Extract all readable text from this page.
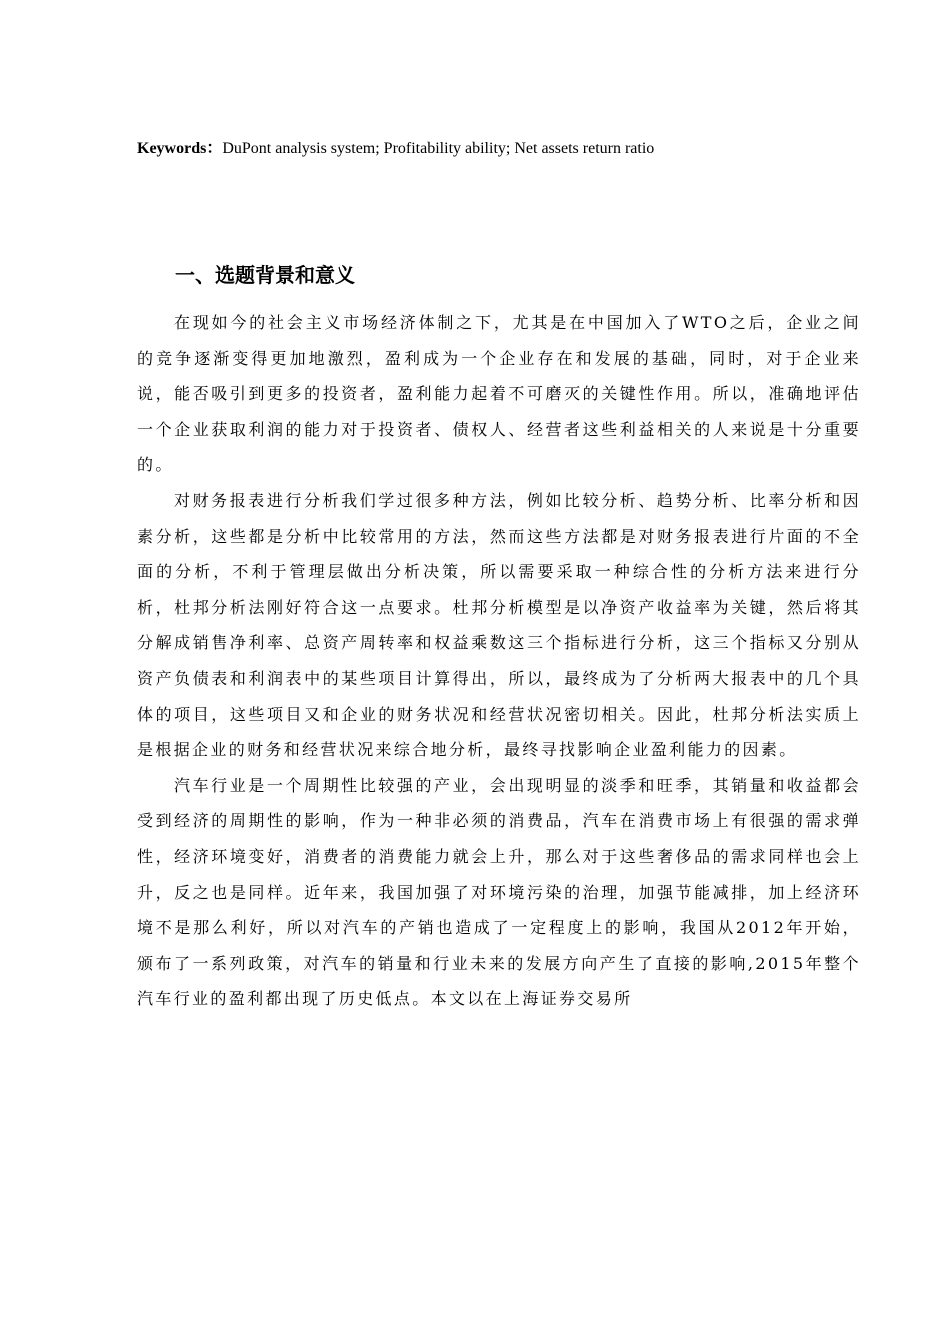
Keywords：DuPont analysis system; Profitability ability; Net assets return ratio
一、选题背景和意义

在现如今的社会主义市场经济体制之下，尤其是在中国加入了WTO之后，企业之间的竞争逐渐变得更加地激烈，盈利成为一个企业存在和发展的基础，同时，对于企业来说，能否吸引到更多的投资者，盈利能力起着不可磨灭的关键性作用。所以，准确地评估一个企业获取利润的能力对于投资者、债权人、经营者这些利益相关的人来说是十分重要的。

对财务报表进行分析我们学过很多种方法，例如比较分析、趋势分析、比率分析和因素分析，这些都是分析中比较常用的方法，然而这些方法都是对财务报表进行片面的不全面的分析，不利于管理层做出分析决策，所以需要采取一种综合性的分析方法来进行分析，杜邦分析法刚好符合这一点要求。杜邦分析模型是以净资产收益率为关键，然后将其分解成销售净利率、总资产周转率和权益乘数这三个指标进行分析，这三个指标又分别从资产负债表和利润表中的某些项目计算得出，所以，最终成为了分析两大报表中的几个具体的项目，这些项目又和企业的财务状况和经营状况密切相关。因此，杜邦分析法实质上是根据企业的财务和经营状况来综合地分析，最终寻找影响企业盈利能力的因素。

汽车行业是一个周期性比较强的产业，会出现明显的淡季和旺季，其销量和收益都会受到经济的周期性的影响，作为一种非必须的消费品，汽车在消费市场上有很强的需求弹性，经济环境变好，消费者的消费能力就会上升，那么对于这些奢侈品的需求同样也会上升，反之也是同样。近年来，我国加强了对环境污染的治理，加强节能减排，加上经济环境不是那么利好，所以对汽车的产销也造成了一定程度上的影响，我国从2012年开始，颁布了一系列政策，对汽车的销量和行业未来的发展方向产生了直接的影响,2015年整个汽车行业的盈利都出现了历史低点。本文以在上海证券交易所
